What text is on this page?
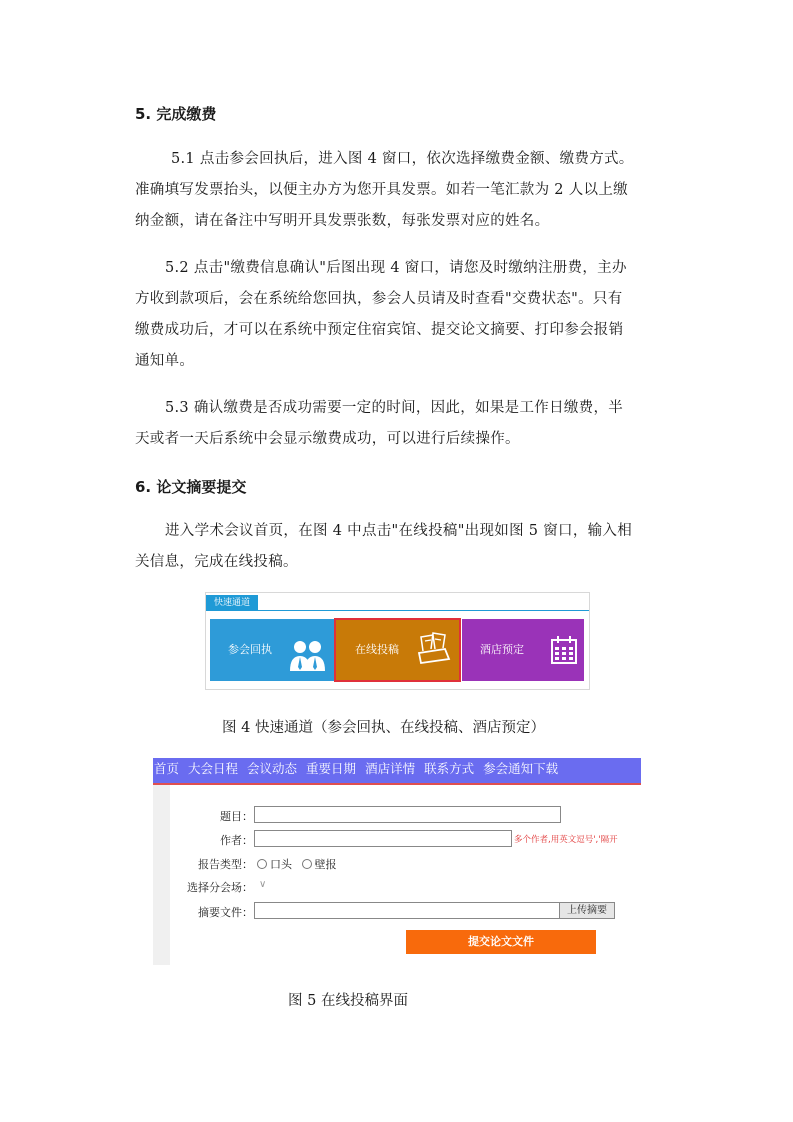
5. 完成缴费
5.1 点击参会回执后，进入图 4 窗口，依次选择缴费金额、缴费方式。
准确填写发票抬头，以便主办方为您开具发票。如若一笔汇款为 2 人以上缴
纳金额，请在备注中写明开具发票张数，每张发票对应的姓名。
5.2 点击"缴费信息确认"后图出现 4 窗口，请您及时缴纳注册费，主办
方收到款项后，会在系统给您回执，参会人员请及时查看"交费状态"。只有
缴费成功后，才可以在系统中预定住宿宾馆、提交论文摘要、打印参会报销
通知单。
5.3 确认缴费是否成功需要一定的时间，因此，如果是工作日缴费，半
天或者一天后系统中会显示缴费成功，可以进行后续操作。
6. 论文摘要提交
进入学术会议首页，在图 4 中点击"在线投稿"出现如图 5 窗口，输入相
关信息，完成在线投稿。
快速通道
参会回执	在线投稿	酒店预定
图 4 快速通道（参会回执、在线投稿、酒店预定）
首页 大会日程 会议动态 重要日期 酒店详情 联系方式 参会通知下载
题目：
作者：	多个作者,用英文逗号','隔开
报告类型：	口头 壁报
选择分会场： ∨
摘要文件：	上传摘要
提交论文文件
图 5 在线投稿界面
